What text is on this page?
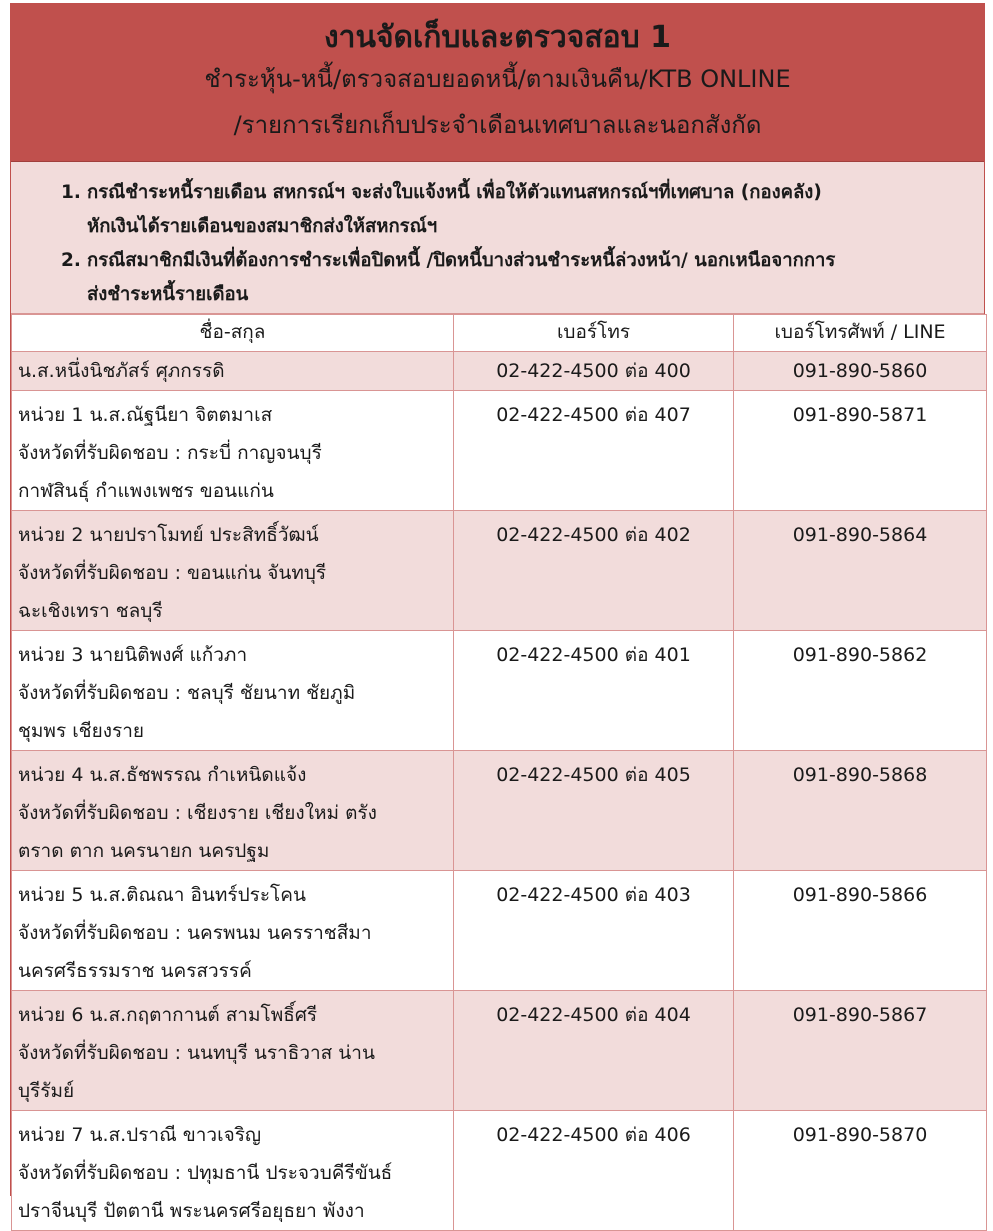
งานจัดเก็บและตรวจสอบ 1
ชำระหุ้น-หนี้/ตรวจสอบยอดหนี้/ตามเงินคืน/KTB ONLINE
/รายการเรียกเก็บประจำเดือนเทศบาลและนอกสังกัด
1. กรณีชำระหนี้รายเดือน สหกรณ์ฯ จะส่งใบแจ้งหนี้ เพื่อให้ตัวแทนสหกรณ์ฯที่เทศบาล (กองคลัง)
หักเงินได้รายเดือนของสมาชิกส่งให้สหกรณ์ฯ
2. กรณีสมาชิกมีเงินที่ต้องการชำระเพื่อปิดหนี้ /ปิดหนี้บางส่วนชำระหนี้ล่วงหน้า/ นอกเหนือจากการ
ส่งชำระหนี้รายเดือน
ชื่อ-สกุล	เบอร์โทร	เบอร์โทรศัพท์ / LINE

น.ส.หนึ่งนิชภัสร์ ศุภกรรดิ	02-422-4500 ต่อ 400	091-890-5860

หน่วย 1 น.ส.ณัฐนียา จิตตมาเส
จังหวัดที่รับผิดชอบ : กระบี่ กาญจนบุรี
กาฬสินธุ์ กำแพงเพชร ขอนแก่น	02-422-4500 ต่อ 407	091-890-5871

หน่วย 2 นายปราโมทย์ ประสิทธิ์วัฒน์
จังหวัดที่รับผิดชอบ : ขอนแก่น จันทบุรี
ฉะเชิงเทรา ชลบุรี	02-422-4500 ต่อ 402	091-890-5864

หน่วย 3 นายนิติพงศ์ แก้วภา
จังหวัดที่รับผิดชอบ : ชลบุรี ชัยนาท ชัยภูมิ
ชุมพร เชียงราย	02-422-4500 ต่อ 401	091-890-5862

หน่วย 4 น.ส.ธัชพรรณ กำเหนิดแจ้ง
จังหวัดที่รับผิดชอบ : เชียงราย เชียงใหม่ ตรัง
ตราด ตาก นครนายก นครปฐม	02-422-4500 ต่อ 405	091-890-5868

หน่วย 5 น.ส.ติณณา อินทร์ประโคน
จังหวัดที่รับผิดชอบ : นครพนม นครราชสีมา
นครศรีธรรมราช นครสวรรค์	02-422-4500 ต่อ 403	091-890-5866

หน่วย 6 น.ส.กฤตากานต์ สามโพธิ์ศรี
จังหวัดที่รับผิดชอบ : นนทบุรี นราธิวาส น่าน
บุรีรัมย์	02-422-4500 ต่อ 404	091-890-5867

หน่วย 7 น.ส.ปราณี ขาวเจริญ
จังหวัดที่รับผิดชอบ : ปทุมธานี ประจวบคีรีขันธ์
ปราจีนบุรี ปัตตานี พระนครศรีอยุธยา พังงา	02-422-4500 ต่อ 406	091-890-5870
